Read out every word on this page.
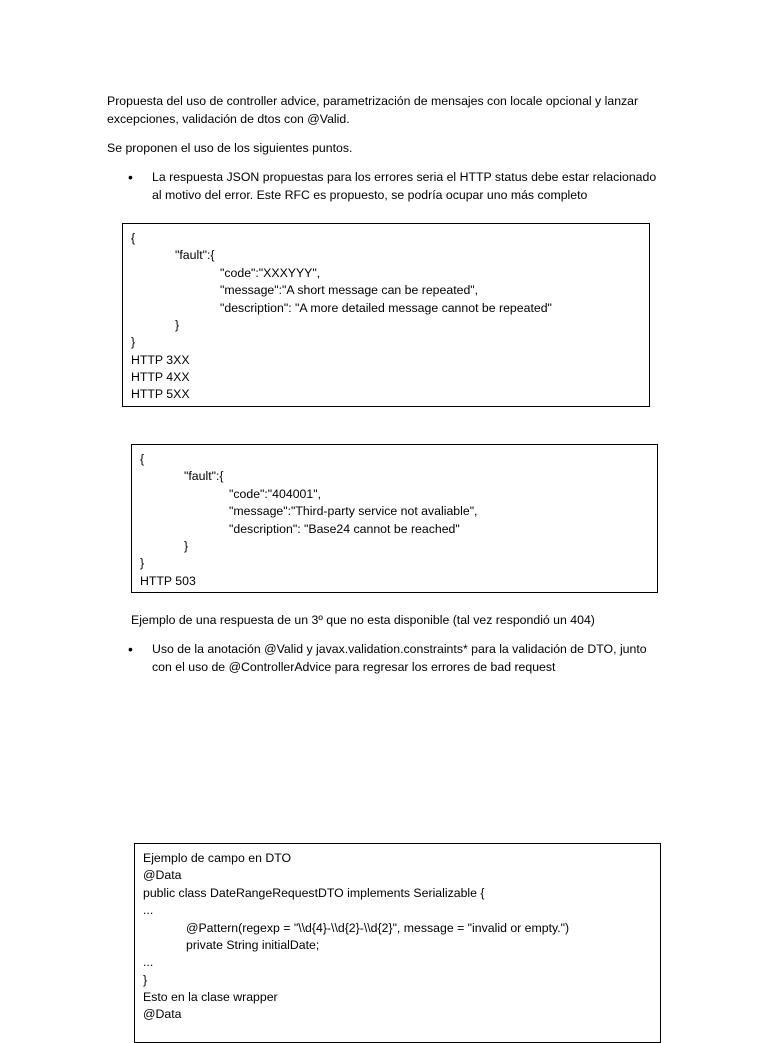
Propuesta del uso de controller advice, parametrización de mensajes con locale opcional y lanzar
excepciones, validación de dtos con @Valid.
Se proponen el uso de los siguientes puntos.
•	La respuesta JSON propuestas para los errores seria el HTTP status debe estar relacionado
al motivo del error. Este RFC es propuesto, se podría ocupar uno más completo
{
"fault":{
"code":"XXXYYY",
"message":"A short message can be repeated",
"description": "A more detailed message cannot be repeated"
}
}
HTTP 3XX
HTTP 4XX
HTTP 5XX
{
"fault":{
"code":"404001",
"message":"Third-party service not avaliable",
"description": "Base24 cannot be reached"
}
}
HTTP 503
Ejemplo de una respuesta de un 3º que no esta disponible (tal vez respondió un 404)
•	Uso de la anotación @Valid y javax.validation.constraints* para la validación de DTO, junto
con el uso de @ControllerAdvice para regresar los errores de bad request
Ejemplo de campo en DTO
@Data
public class DateRangeRequestDTO implements Serializable {
...
@Pattern(regexp = "\\d{4}-\\d{2}-\\d{2}", message = "invalid or empty.")
private String initialDate;
...
}
Esto en la clase wrapper
@Data
